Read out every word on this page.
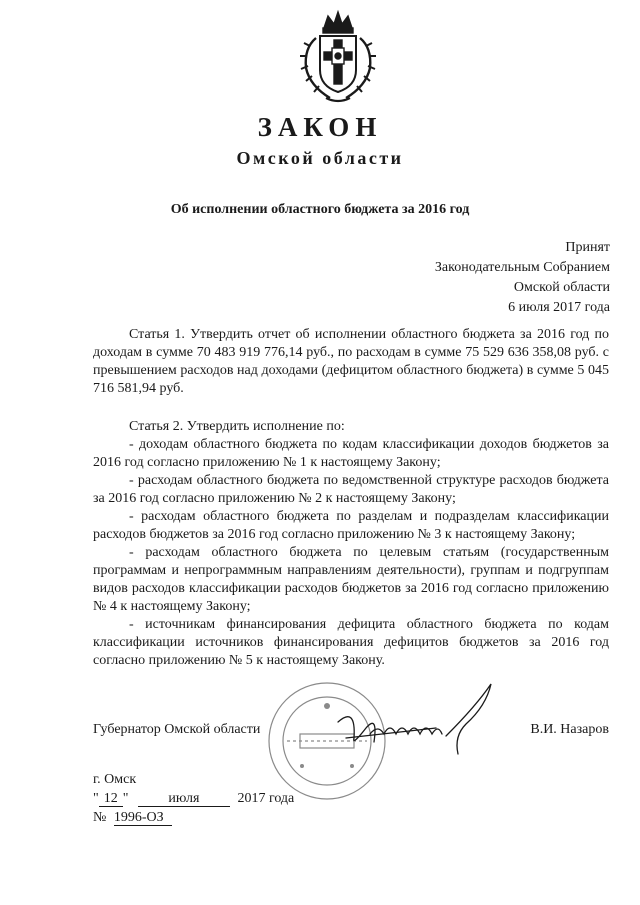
ЗАКОН
Омской области
Об исполнении областного бюджета за 2016 год
Принят
Законодательным Собранием
Омской области
6 июля 2017 года

Статья 1. Утвердить отчет об исполнении областного бюджета за 2016 год по доходам в сумме 70 483 919 776,14 руб., по расходам в сумме 75 529 636 358,08 руб. с превышением расходов над доходами (дефицитом областного бюджета) в сумме 5 045 716 581,94 руб.

Статья 2. Утвердить исполнение по:

- доходам областного бюджета по кодам классификации доходов бюджетов за 2016 год согласно приложению № 1 к настоящему Закону;

- расходам областного бюджета по ведомственной структуре расходов бюджета за 2016 год согласно приложению № 2 к настоящему Закону;

- расходам областного бюджета по разделам и подразделам классификации расходов бюджетов за 2016 год согласно приложению № 3 к настоящему Закону;

- расходам областного бюджета по целевым статьям (государственным программам и непрограммным направлениям деятельности), группам и подгруппам видов расходов классификации расходов бюджетов за 2016 год согласно приложению № 4 к настоящему Закону;

- источникам финансирования дефицита областного бюджета по кодам классификации источников финансирования дефицитов бюджетов за 2016 год согласно приложению № 5 к настоящему Закону.

Губернатор Омской области	В.И. Назаров
г. Омск
" 12 "	июля	2017 года
№ 1996-ОЗ
